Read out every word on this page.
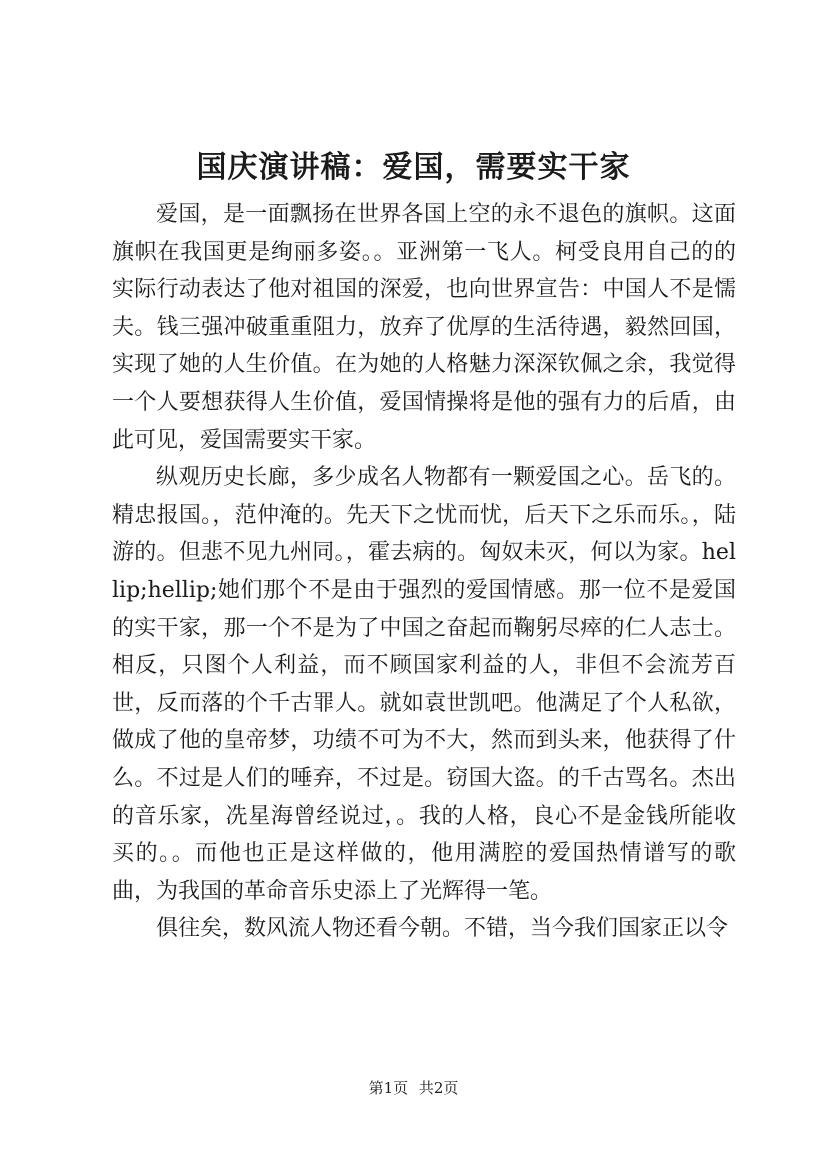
国庆演讲稿：爱国，需要实干家

爱国，是一面飘扬在世界各国上空的永不退色的旗帜。这面旗帜在我国更是绚丽多姿。。亚洲第一飞人。柯受良用自己的的实际行动表达了他对祖国的深爱，也向世界宣告：中国人不是懦夫。钱三强冲破重重阻力，放弃了优厚的生活待遇，毅然回国，实现了她的人生价值。在为她的人格魅力深深钦佩之余，我觉得一个人要想获得人生价值，爱国情操将是他的强有力的后盾，由此可见，爱国需要实干家。

纵观历史长廊，多少成名人物都有一颗爱国之心。岳飞的。精忠报国。，范仲淹的。先天下之忧而忧，后天下之乐而乐。，陆游的。但悲不见九州同。，霍去病的。匈奴未灭，何以为家。hellip;hellip;她们那个不是由于强烈的爱国情感。那一位不是爱国的实干家，那一个不是为了中国之奋起而鞠躬尽瘁的仁人志士。相反，只图个人利益，而不顾国家利益的人，非但不会流芳百世，反而落的个千古罪人。就如袁世凯吧。他满足了个人私欲，做成了他的皇帝梦，功绩不可为不大，然而到头来，他获得了什么。不过是人们的唾弃，不过是。窃国大盗。的千古骂名。杰出的音乐家，冼星海曾经说过，。我的人格，良心不是金钱所能收买的。。而他也正是这样做的，他用满腔的爱国热情谱写的歌曲，为我国的革命音乐史添上了光辉得一笔。

俱往矣，数风流人物还看今朝。不错，当今我们国家正以令

第1页 共2页
